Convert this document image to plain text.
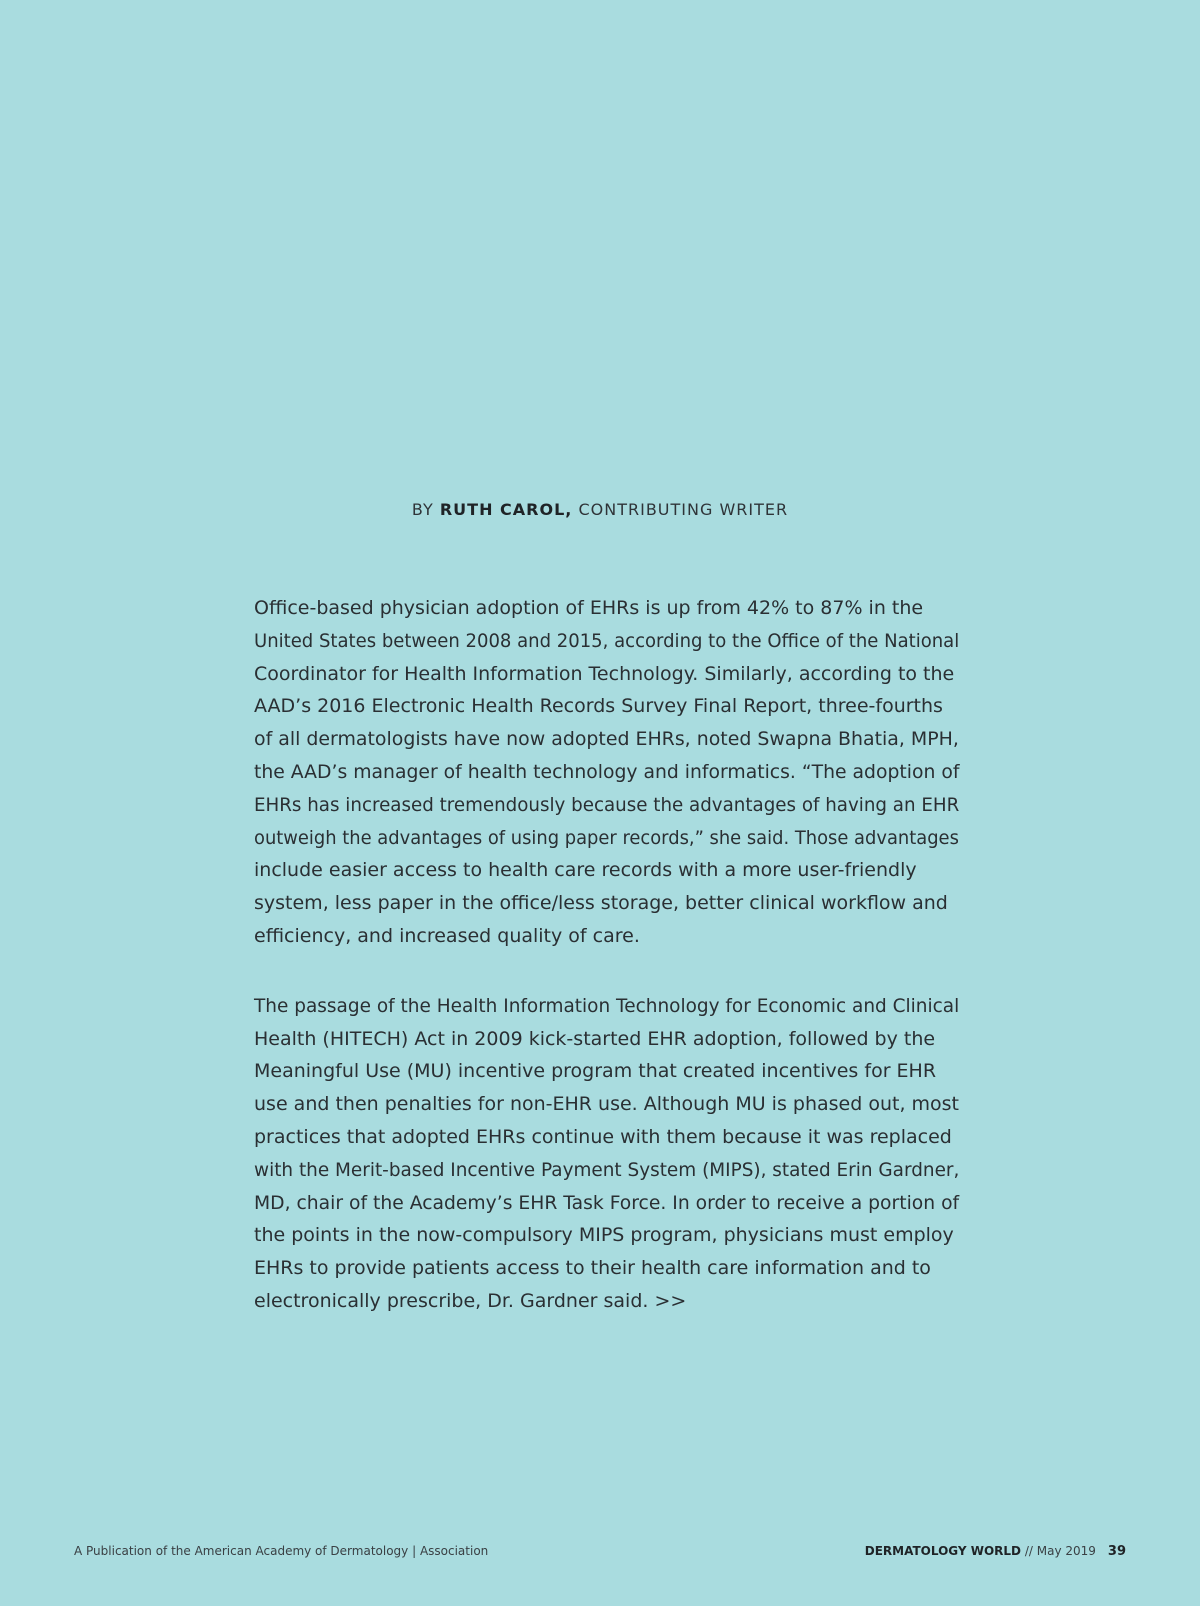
BY RUTH CAROL, CONTRIBUTING WRITER
Office-based physician adoption of EHRs is up from 42% to 87% in the
United States between 2008 and 2015, according to the Office of the National
Coordinator for Health Information Technology. Similarly, according to the
AAD’s 2016 Electronic Health Records Survey Final Report, three-fourths
of all dermatologists have now adopted EHRs, noted Swapna Bhatia, MPH, the AAD’s manager of health technology and informatics. “The adoption of EHRs has increased tremendously because the advantages of having an EHR outweigh the advantages of using paper records,” she said. Those advantages
include easier access to health care records with a more user-friendly
system, less paper in the office/less storage, better clinical workflow and
efficiency, and increased quality of care.
The passage of the Health Information Technology for Economic and Clinical
Health (HITECH) Act in 2009 kick-started EHR adoption, followed by the
Meaningful Use (MU) incentive program that created incentives for EHR
use and then penalties for non-EHR use. Although MU is phased out, most
practices that adopted EHRs continue with them because it was replaced
with the Merit-based Incentive Payment System (MIPS), stated Erin Gardner, MD, chair of the Academy’s EHR Task Force. In order to receive a portion of
the points in the now-compulsory MIPS program, physicians must employ
EHRs to provide patients access to their health care information and to
electronically prescribe, Dr. Gardner said. >>
A Publication of the American Academy of Dermatology | Association	DERMATOLOGY WORLD // May 2019 39
